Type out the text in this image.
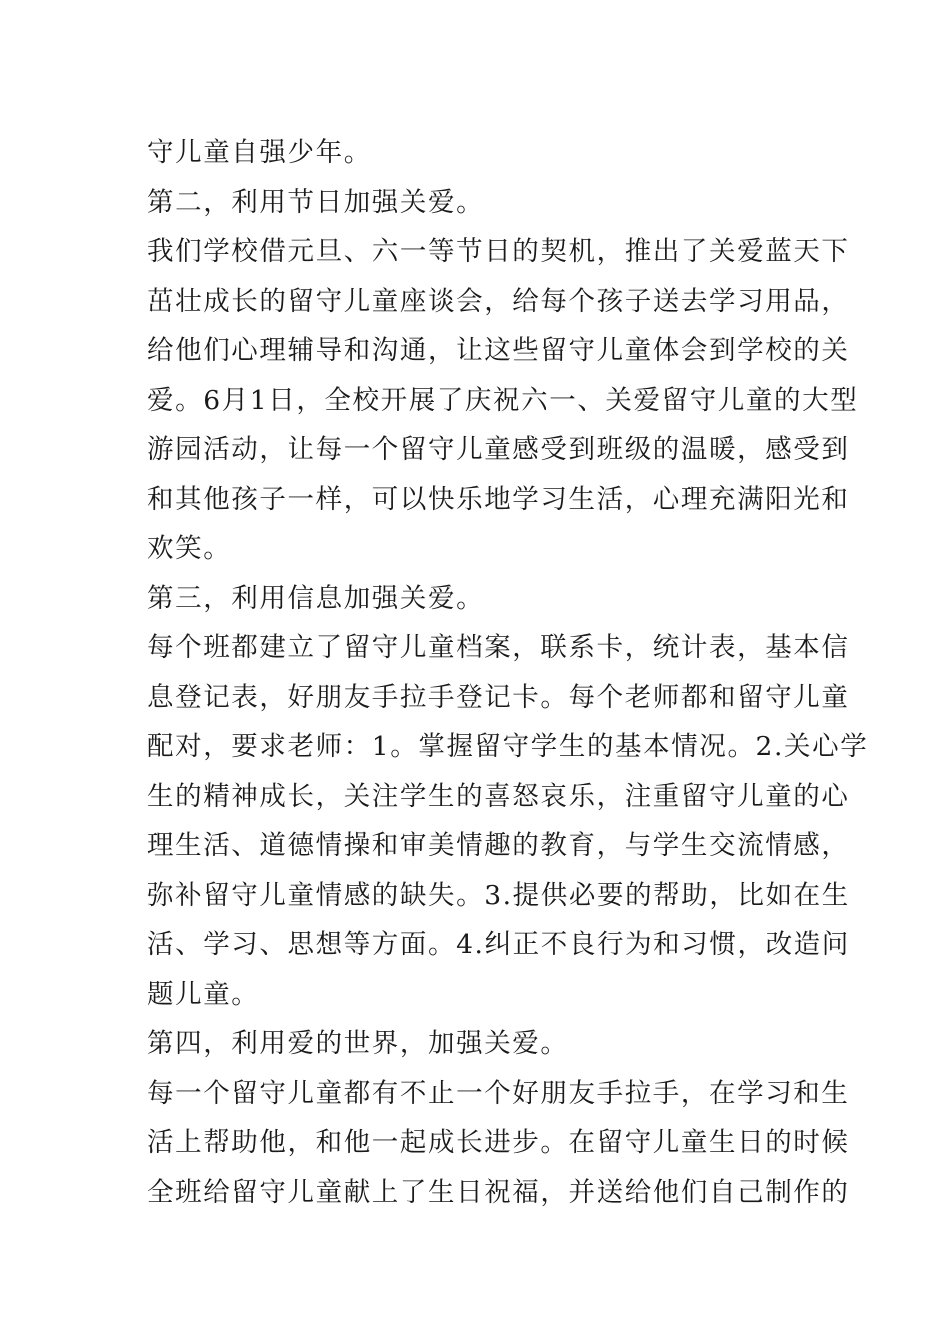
守儿童自强少年。
第二，利用节日加强关爱。
我们学校借元旦、六一等节日的契机，推出了关爱蓝天下
茁壮成长的留守儿童座谈会，给每个孩子送去学习用品，
给他们心理辅导和沟通，让这些留守儿童体会到学校的关
爱。6月1日，全校开展了庆祝六一、关爱留守儿童的大型
游园活动，让每一个留守儿童感受到班级的温暖，感受到
和其他孩子一样，可以快乐地学习生活，心理充满阳光和
欢笑。
第三，利用信息加强关爱。
每个班都建立了留守儿童档案，联系卡，统计表，基本信
息登记表，好朋友手拉手登记卡。每个老师都和留守儿童
配对，要求老师：1。掌握留守学生的基本情况。2.关心学
生的精神成长，关注学生的喜怒哀乐，注重留守儿童的心
理生活、道德情操和审美情趣的教育，与学生交流情感，
弥补留守儿童情感的缺失。3.提供必要的帮助，比如在生
活、学习、思想等方面。4.纠正不良行为和习惯，改造问
题儿童。
第四，利用爱的世界，加强关爱。
每一个留守儿童都有不止一个好朋友手拉手，在学习和生
活上帮助他，和他一起成长进步。在留守儿童生日的时候
全班给留守儿童献上了生日祝福，并送给他们自己制作的
